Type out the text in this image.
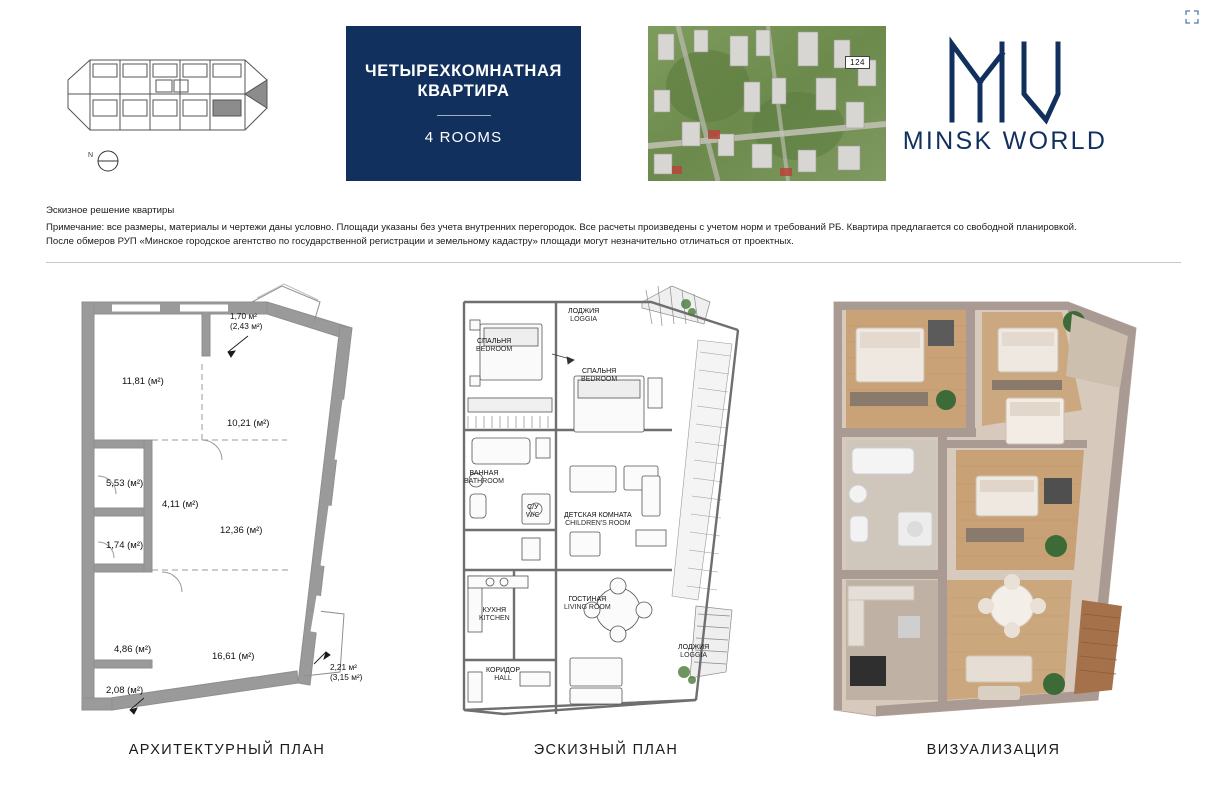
N
ЧЕТЫРЕХКОМНАТНАЯ КВАРТИРА
4 ROOMS
124
MINSK WORLD
Эскизное решение квартиры
Примечание: все размеры, материалы и чертежи даны условно. Площади указаны без учета внутренних перегородок. Все расчеты произведены с учетом норм и требований РБ. Квартира предлагается со свободной планировкой.
После обмеров РУП «Минское городское агентство по государственной регистрации и земельному кадастру» площади могут незначительно отличаться от проектных.
11,81 (м²)
10,21 (м²)
5,53 (м²)
4,11 (м²)
12,36 (м²)
1,74 (м²)
4,86 (м²)
16,61 (м²)
2,08 (м²)
1,70 м²
(2,43 м²)
2,21 м²
(3,15 м²)
АРХИТЕКТУРНЫЙ ПЛАН
СПАЛЬНЯ
BEDROOM
ЛОДЖИЯ
LOGGIA
СПАЛЬНЯ
BEDROOM
ВАННАЯ
BATHROOM
С/У
W/C	ДЕТСКАЯ КОМНАТА
CHILDREN'S ROOM
КУХНЯ
KITCHEN
ГОСТИНАЯ
LIVING ROOM
ЛОДЖИЯ
LOGGIA
КОРИДОР
HALL
ЭСКИЗНЫЙ ПЛАН	ВИЗУАЛИЗАЦИЯ
